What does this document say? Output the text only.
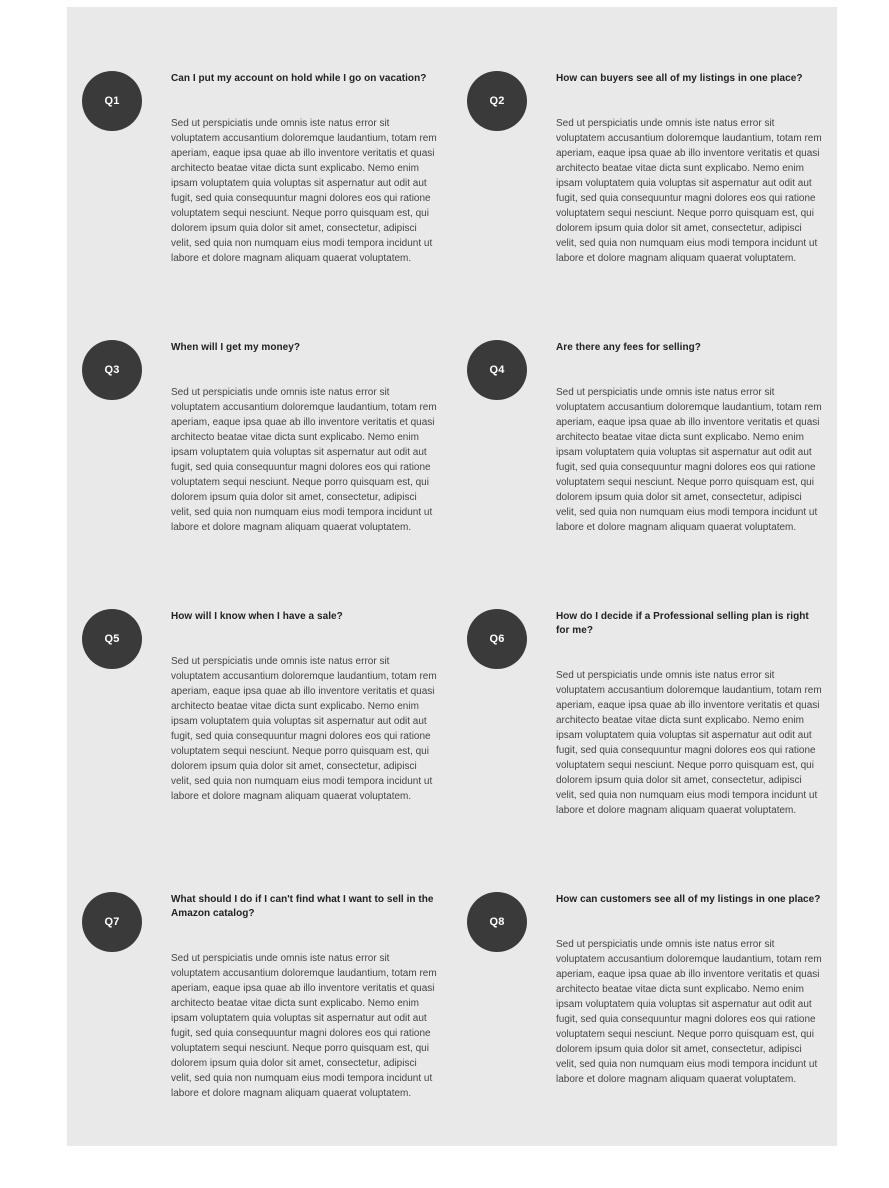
Q1
Can I put my account on hold while I go on vacation?

Sed ut perspiciatis unde omnis iste natus error sit voluptatem accusantium doloremque laudantium, totam rem aperiam, eaque ipsa quae ab illo inventore veritatis et quasi architecto beatae vitae dicta sunt explicabo. Nemo enim ipsam voluptatem quia voluptas sit aspernatur aut odit aut fugit, sed quia consequuntur magni dolores eos qui ratione voluptatem sequi nesciunt. Neque porro quisquam est, qui dolorem ipsum quia dolor sit amet, consectetur, adipisci velit, sed quia non numquam eius modi tempora incidunt ut labore et dolore magnam aliquam quaerat voluptatem.

Q2
How can buyers see all of my listings in one place?

Sed ut perspiciatis unde omnis iste natus error sit voluptatem accusantium doloremque laudantium, totam rem aperiam, eaque ipsa quae ab illo inventore veritatis et quasi architecto beatae vitae dicta sunt explicabo. Nemo enim ipsam voluptatem quia voluptas sit aspernatur aut odit aut fugit, sed quia consequuntur magni dolores eos qui ratione voluptatem sequi nesciunt. Neque porro quisquam est, qui dolorem ipsum quia dolor sit amet, consectetur, adipisci velit, sed quia non numquam eius modi tempora incidunt ut labore et dolore magnam aliquam quaerat voluptatem.

Q3
When will I get my money?

Sed ut perspiciatis unde omnis iste natus error sit voluptatem accusantium doloremque laudantium, totam rem aperiam, eaque ipsa quae ab illo inventore veritatis et quasi architecto beatae vitae dicta sunt explicabo. Nemo enim ipsam voluptatem quia voluptas sit aspernatur aut odit aut fugit, sed quia consequuntur magni dolores eos qui ratione voluptatem sequi nesciunt. Neque porro quisquam est, qui dolorem ipsum quia dolor sit amet, consectetur, adipisci velit, sed quia non numquam eius modi tempora incidunt ut labore et dolore magnam aliquam quaerat voluptatem.

Q4
Are there any fees for selling?

Sed ut perspiciatis unde omnis iste natus error sit voluptatem accusantium doloremque laudantium, totam rem aperiam, eaque ipsa quae ab illo inventore veritatis et quasi architecto beatae vitae dicta sunt explicabo. Nemo enim ipsam voluptatem quia voluptas sit aspernatur aut odit aut fugit, sed quia consequuntur magni dolores eos qui ratione voluptatem sequi nesciunt. Neque porro quisquam est, qui dolorem ipsum quia dolor sit amet, consectetur, adipisci velit, sed quia non numquam eius modi tempora incidunt ut labore et dolore magnam aliquam quaerat voluptatem.

Q5
How will I know when I have a sale?

Sed ut perspiciatis unde omnis iste natus error sit voluptatem accusantium doloremque laudantium, totam rem aperiam, eaque ipsa quae ab illo inventore veritatis et quasi architecto beatae vitae dicta sunt explicabo. Nemo enim ipsam voluptatem quia voluptas sit aspernatur aut odit aut fugit, sed quia consequuntur magni dolores eos qui ratione voluptatem sequi nesciunt. Neque porro quisquam est, qui dolorem ipsum quia dolor sit amet, consectetur, adipisci velit, sed quia non numquam eius modi tempora incidunt ut labore et dolore magnam aliquam quaerat voluptatem.

Q6
How do I decide if a Professional selling plan is right for me?

Sed ut perspiciatis unde omnis iste natus error sit voluptatem accusantium doloremque laudantium, totam rem aperiam, eaque ipsa quae ab illo inventore veritatis et quasi architecto beatae vitae dicta sunt explicabo. Nemo enim ipsam voluptatem quia voluptas sit aspernatur aut odit aut fugit, sed quia consequuntur magni dolores eos qui ratione voluptatem sequi nesciunt. Neque porro quisquam est, qui dolorem ipsum quia dolor sit amet, consectetur, adipisci velit, sed quia non numquam eius modi tempora incidunt ut labore et dolore magnam aliquam quaerat voluptatem.

Q7
What should I do if I can't find what I want to sell in the Amazon catalog?

Sed ut perspiciatis unde omnis iste natus error sit voluptatem accusantium doloremque laudantium, totam rem aperiam, eaque ipsa quae ab illo inventore veritatis et quasi architecto beatae vitae dicta sunt explicabo. Nemo enim ipsam voluptatem quia voluptas sit aspernatur aut odit aut fugit, sed quia consequuntur magni dolores eos qui ratione voluptatem sequi nesciunt. Neque porro quisquam est, qui dolorem ipsum quia dolor sit amet, consectetur, adipisci velit, sed quia non numquam eius modi tempora incidunt ut labore et dolore magnam aliquam quaerat voluptatem.

Q8
How can customers see all of my listings in one place?

Sed ut perspiciatis unde omnis iste natus error sit voluptatem accusantium doloremque laudantium, totam rem aperiam, eaque ipsa quae ab illo inventore veritatis et quasi architecto beatae vitae dicta sunt explicabo. Nemo enim ipsam voluptatem quia voluptas sit aspernatur aut odit aut fugit, sed quia consequuntur magni dolores eos qui ratione voluptatem sequi nesciunt. Neque porro quisquam est, qui dolorem ipsum quia dolor sit amet, consectetur, adipisci velit, sed quia non numquam eius modi tempora incidunt ut labore et dolore magnam aliquam quaerat voluptatem.
